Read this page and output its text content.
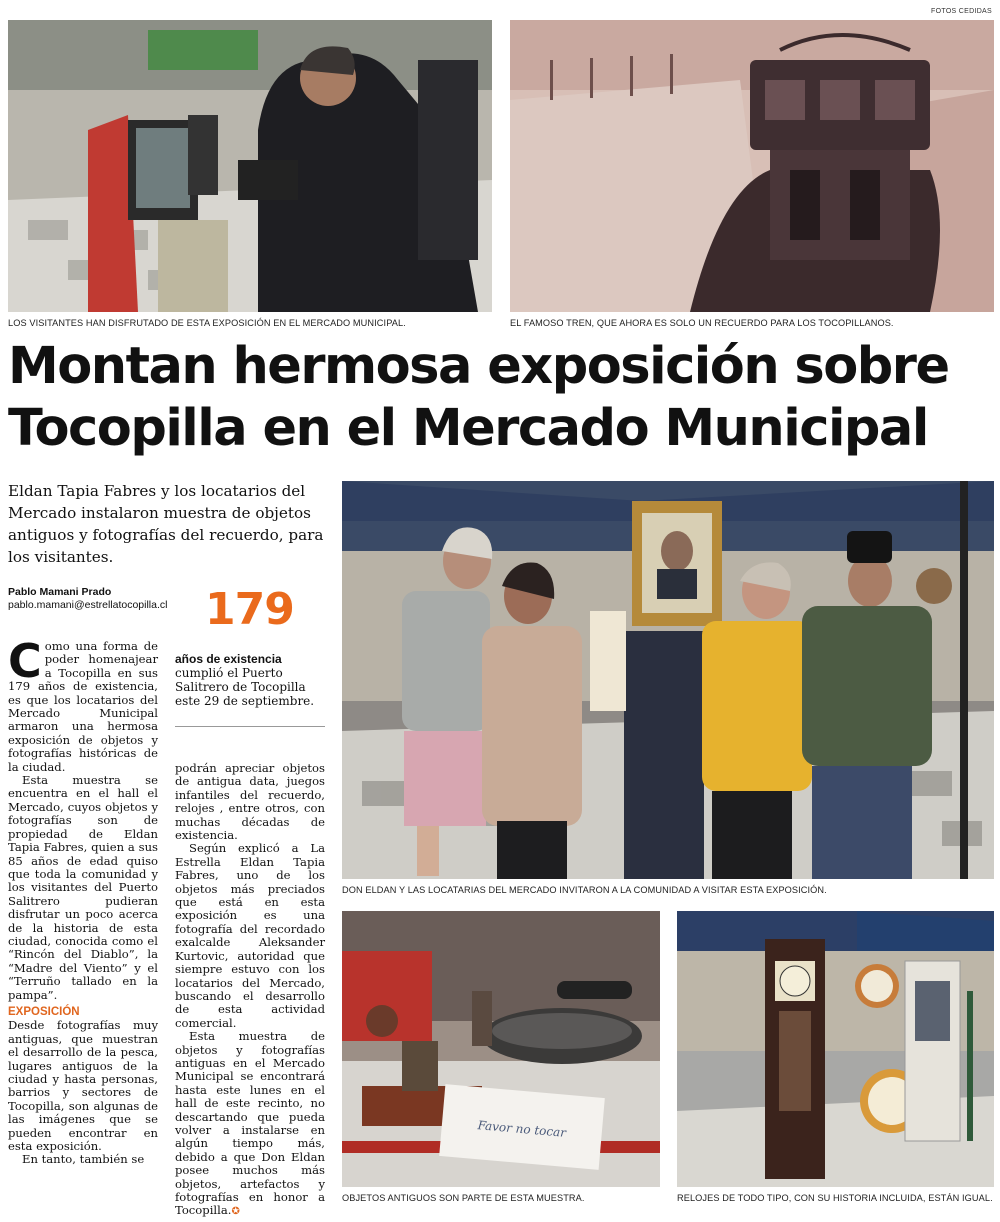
FOTOS CEDIDAS
LOS VISITANTES HAN DISFRUTADO DE ESTA EXPOSICIÓN EN EL MERCADO MUNICIPAL.	EL FAMOSO TREN, QUE AHORA ES SOLO UN RECUERDO PARA LOS TOCOPILLANOS.
Montan hermosa exposición sobre
Tocopilla en el Mercado Municipal
Eldan Tapia Fabres y los locatarios del Mercado instalaron muestra de objetos antiguos y fotografías del recuerdo, para los visitantes.
Pablo Mamani Prado
pablo.mamani@estrellatocopilla.cl 179
años de existencia cumplió el Puerto Salitrero de Tocopilla este 29 de septiembre.

Como una forma de poder homenajear a Tocopilla en sus 179 años de existencia, es que los locatarios del Mercado Municipal armaron una hermosa exposición de objetos y fotografías históricas de la ciudad.

Esta muestra se encuentra en el hall el Mercado, cuyos objetos y fotografías son de propiedad de Eldan Tapia Fabres, quien a sus 85 años de edad quiso que toda la comunidad y los visitantes del Puerto Salitrero pudieran disfrutar un poco acerca de la historia de esta ciudad, conocida como el “Rincón del Diablo”, la “Madre del Viento” y el “Terruño tallado en la pampa”.

EXPOSICIÓN

Desde fotografías muy antiguas, que muestran el desarrollo de la pesca, lugares antiguos de la ciudad y hasta personas, barrios y sectores de Tocopilla, son algunas de las imágenes que se pueden encontrar en esta exposición.

En tanto, también se

podrán apreciar objetos de antigua data, juegos infantiles del recuerdo, relojes , entre otros, con muchas décadas de existencia.

Según explicó a La Estrella Eldan Tapia Fabres, uno de los objetos más preciados que está en esta exposición es una fotografía del recordado exalcalde Aleksander Kurtovic, autoridad que siempre estuvo con los locatarios del Mercado, buscando el desarrollo de esta actividad comercial.

Esta muestra de objetos y fotografías antiguas en el Mercado Municipal se encontrará hasta este lunes en el hall de este recinto, no descartando que pueda volver a instalarse en algún tiempo más, debido a que Don Eldan posee muchos más objetos, artefactos y fotografías en honor a Tocopilla.✪

DON ELDAN Y LAS LOCATARIAS DEL MERCADO INVITARON A LA COMUNIDAD A VISITAR ESTA EXPOSICIÓN.
Favor no tocar
OBJETOS ANTIGUOS SON PARTE DE ESTA MUESTRA.	RELOJES DE TODO TIPO, CON SU HISTORIA INCLUIDA, ESTÁN IGUAL.
